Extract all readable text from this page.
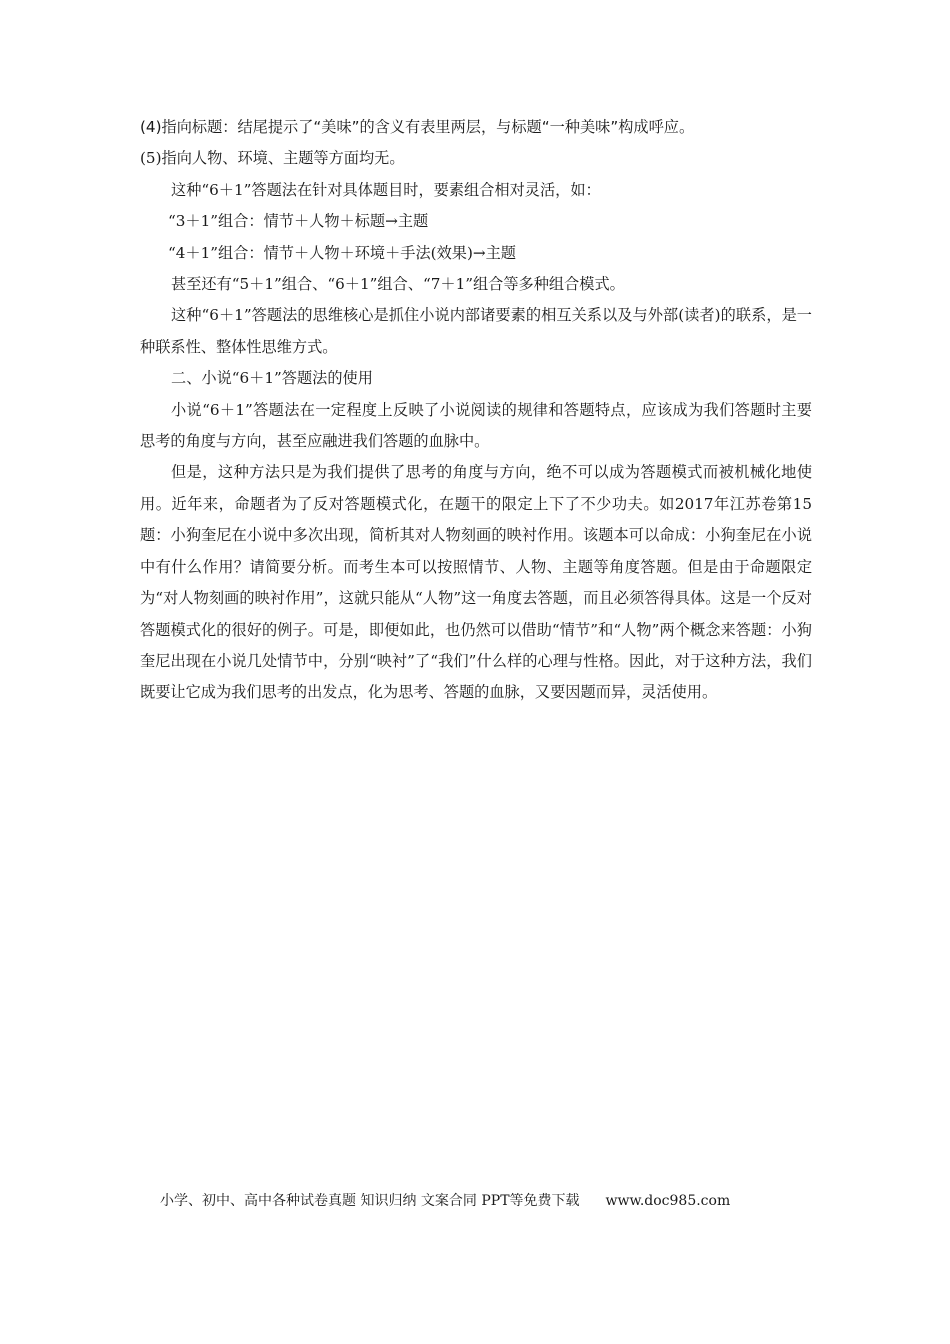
(4)指向标题：结尾提示了“美味”的含义有表里两层，与标题“一种美味”构成呼应。

(5)指向人物、环境、主题等方面均无。

这种“6＋1”答题法在针对具体题目时，要素组合相对灵活，如：

“3＋1”组合：情节＋人物＋标题→主题

“4＋1”组合：情节＋人物＋环境＋手法(效果)→主题

甚至还有“5＋1”组合、“6＋1”组合、“7＋1”组合等多种组合模式。

这种“6＋1”答题法的思维核心是抓住小说内部诸要素的相互关系以及与外部(读者)的联系，是一种联系性、整体性思维方式。

二、小说“6＋1”答题法的使用

小说“6＋1”答题法在一定程度上反映了小说阅读的规律和答题特点，应该成为我们答题时主要思考的角度与方向，甚至应融进我们答题的血脉中。

但是，这种方法只是为我们提供了思考的角度与方向，绝不可以成为答题模式而被机械化地使用。近年来，命题者为了反对答题模式化，在题干的限定上下了不少功夫。如2017年江苏卷第15题：小狗奎尼在小说中多次出现，简析其对人物刻画的映衬作用。该题本可以命成：小狗奎尼在小说中有什么作用？请简要分析。而考生本可以按照情节、人物、主题等角度答题。但是由于命题限定为“对人物刻画的映衬作用”，这就只能从“人物”这一角度去答题，而且必须答得具体。这是一个反对答题模式化的很好的例子。可是，即便如此，也仍然可以借助“情节”和“人物”两个概念来答题：小狗奎尼出现在小说几处情节中，分别“映衬”了“我们”什么样的心理与性格。因此，对于这种方法，我们既要让它成为我们思考的出发点，化为思考、答题的血脉，又要因题而异，灵活使用。

小学、初中、高中各种试卷真题 知识归纳 文案合同 PPT等免费下载 www.doc985.com
